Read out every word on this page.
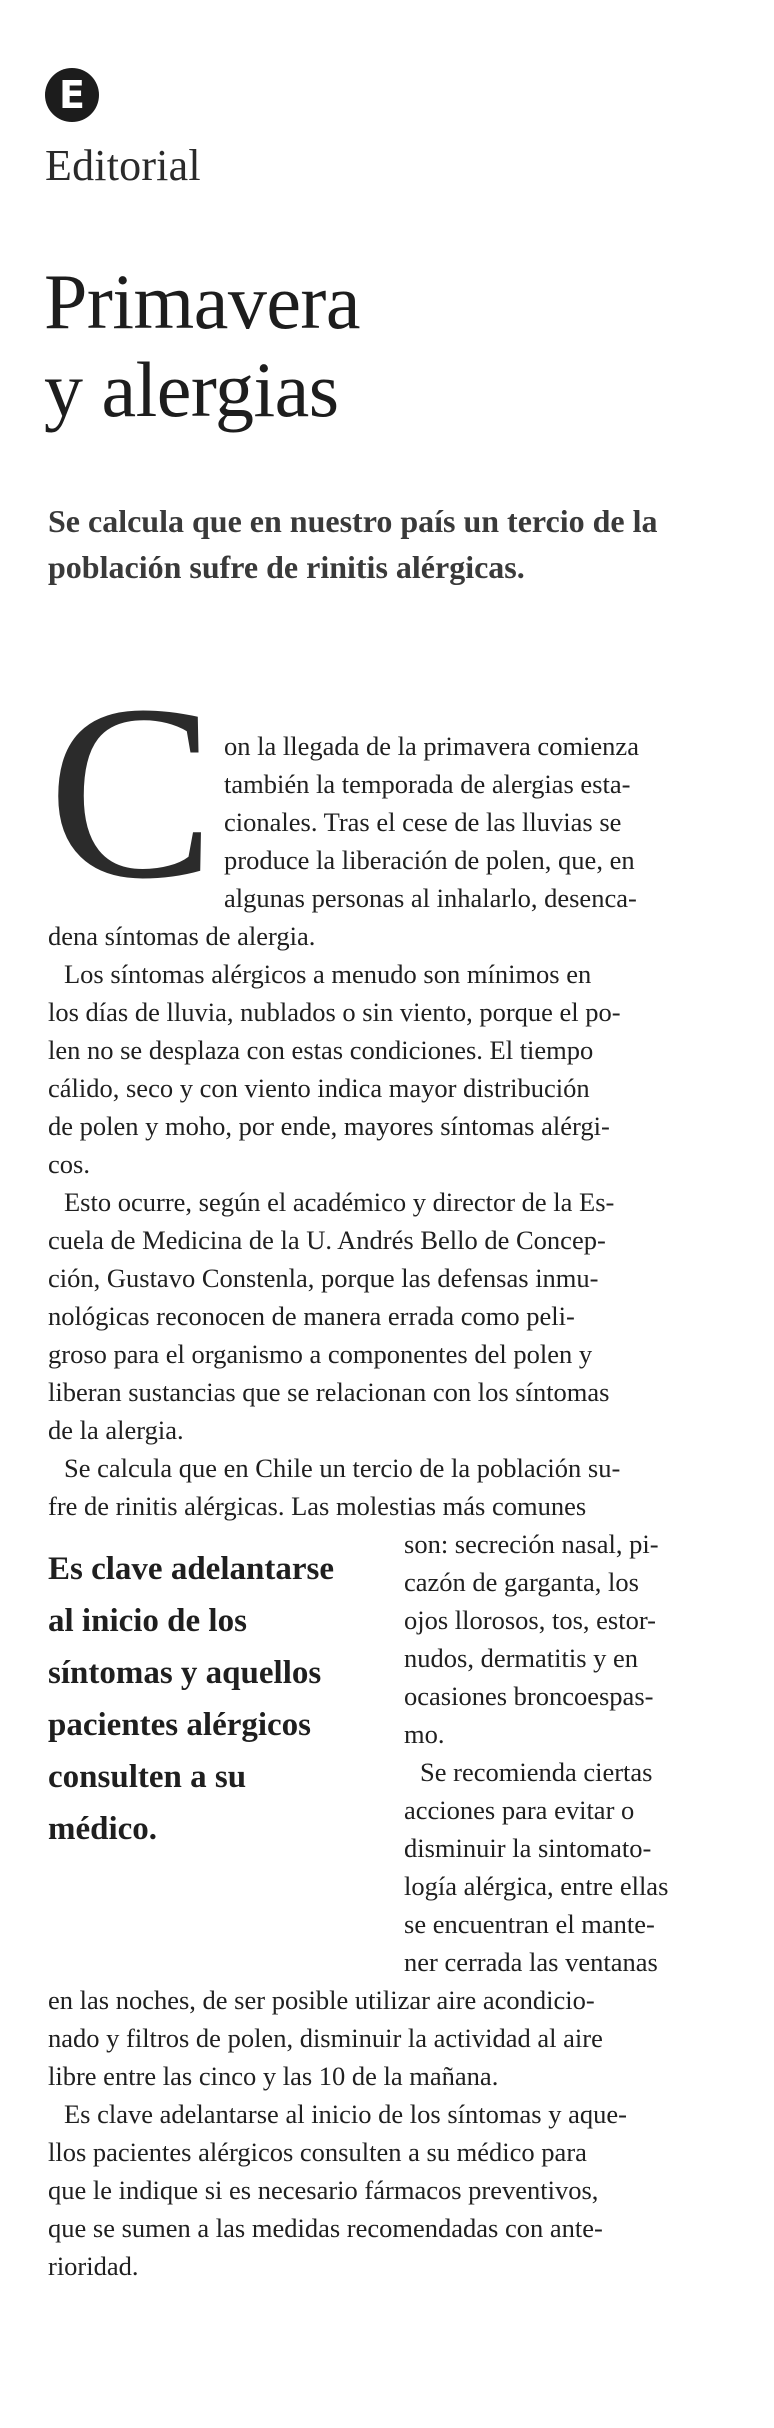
E
Editorial
Primavera
y alergias

Se calcula que en nuestro país un tercio de la población sufre de rinitis alérgicas.

C on la llegada de la primavera comienza
también la temporada de alergias esta-
cionales. Tras el cese de las lluvias se
produce la liberación de polen, que, en
algunas personas al inhalarlo, desenca-
dena síntomas de alergia.
Los síntomas alérgicos a menudo son mínimos en
los días de lluvia, nublados o sin viento, porque el po-
len no se desplaza con estas condiciones. El tiempo
cálido, seco y con viento indica mayor distribución
de polen y moho, por ende, mayores síntomas alérgi-
cos.
Esto ocurre, según el académico y director de la Es-
cuela de Medicina de la U. Andrés Bello de Concep-
ción, Gustavo Constenla, porque las defensas inmu-
nológicas reconocen de manera errada como peli-
groso para el organismo a componentes del polen y
liberan sustancias que se relacionan con los síntomas
de la alergia.
Se calcula que en Chile un tercio de la población su-
fre de rinitis alérgicas. Las molestias más comunes
son: secreción nasal, pi-
cazón de garganta, los
ojos llorosos, tos, estor-
nudos, dermatitis y en
ocasiones broncoespas-
mo.
Se recomienda ciertas
acciones para evitar o
disminuir la sintomato-
logía alérgica, entre ellas
se encuentran el mante-
ner cerrada las ventanas
en las noches, de ser posible utilizar aire acondicio-
nado y filtros de polen, disminuir la actividad al aire
libre entre las cinco y las 10 de la mañana.
Es clave adelantarse al inicio de los síntomas y aque-
llos pacientes alérgicos consulten a su médico para
que le indique si es necesario fármacos preventivos,
que se sumen a las medidas recomendadas con ante-
rioridad.
Es clave adelantarse
al inicio de los
síntomas y aquellos
pacientes alérgicos
consulten a su
médico.
